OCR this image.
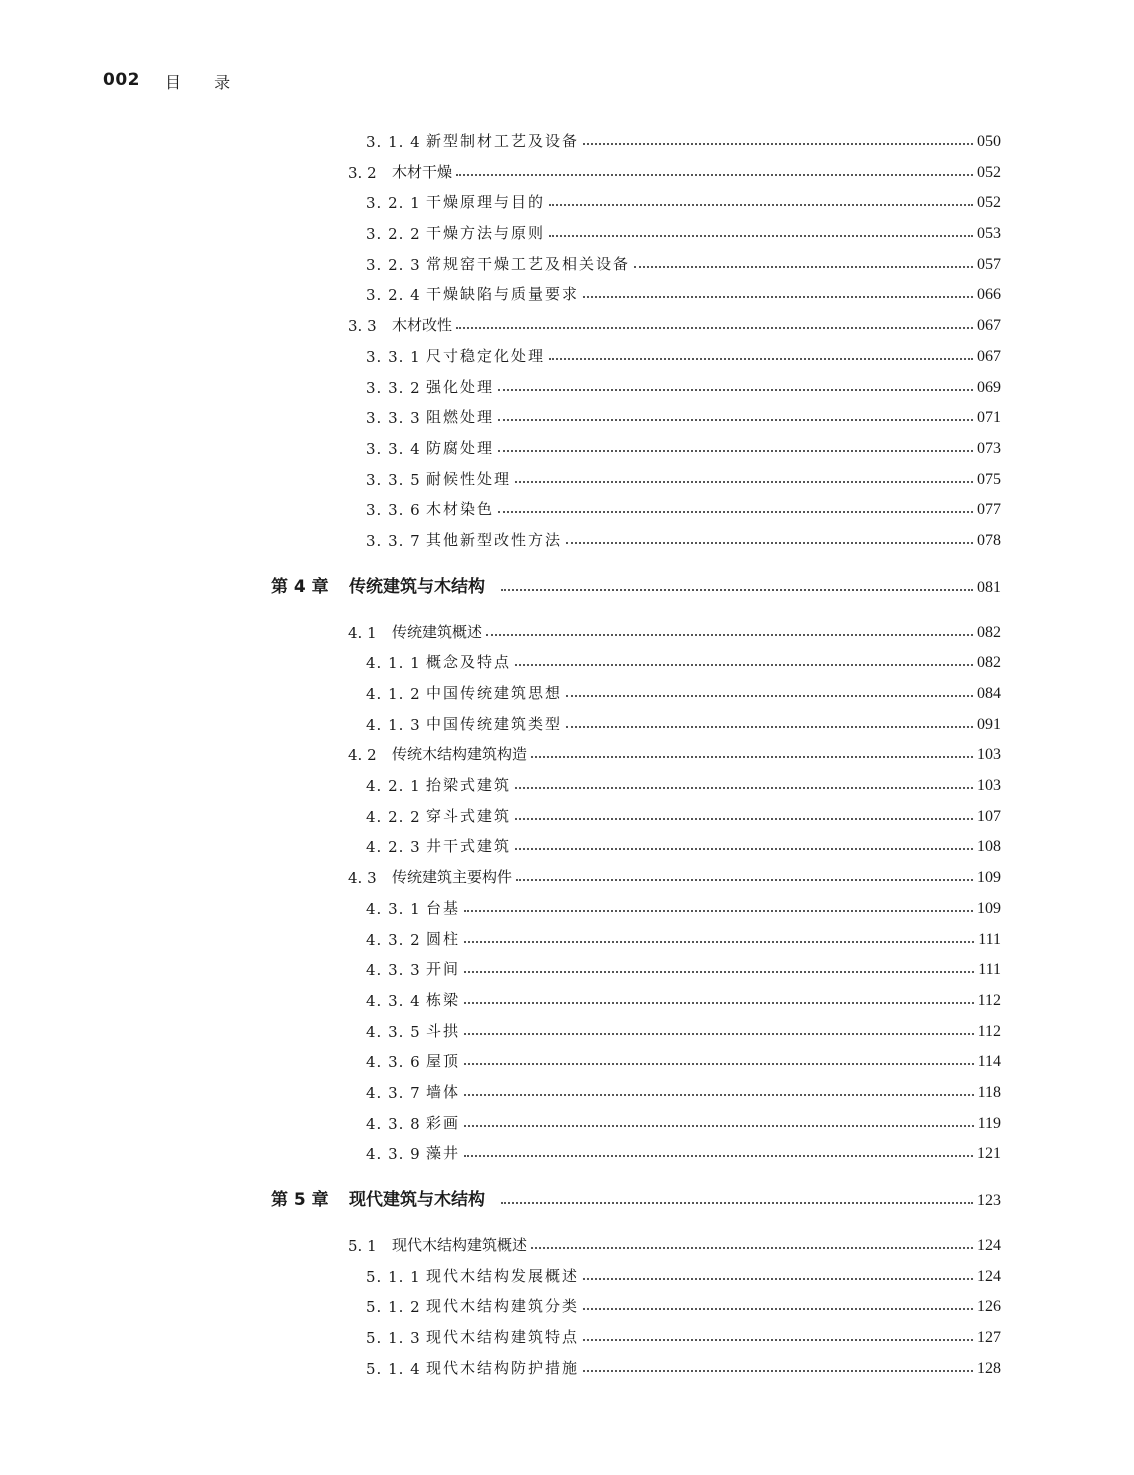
002 目 录
3. 1. 4 新型制材工艺及设备	050
3. 2	木材干燥	052
3. 2. 1 干燥原理与目的	052
3. 2. 2 干燥方法与原则	053
3. 2. 3 常规窑干燥工艺及相关设备	057
3. 2. 4 干燥缺陷与质量要求	066
3. 3	木材改性	067
3. 3. 1 尺寸稳定化处理	067
3. 3. 2 强化处理	069
3. 3. 3 阻燃处理	071
3. 3. 4 防腐处理	073
3. 3. 5 耐候性处理	075
3. 3. 6 木材染色	077
3. 3. 7 其他新型改性方法	078
第 4 章	传统建筑与木结构	081
4. 1	传统建筑概述	082
4. 1. 1 概念及特点	082
4. 1. 2 中国传统建筑思想	084
4. 1. 3 中国传统建筑类型	091
4. 2	传统木结构建筑构造	103
4. 2. 1 抬梁式建筑	103
4. 2. 2 穿斗式建筑	107
4. 2. 3 井干式建筑	108
4. 3	传统建筑主要构件	109
4. 3. 1 台基	109
4. 3. 2 圆柱	111
4. 3. 3 开间	111
4. 3. 4 栋梁	112
4. 3. 5 斗拱	112
4. 3. 6 屋顶	114
4. 3. 7 墙体	118
4. 3. 8 彩画	119
4. 3. 9 藻井	121
第 5 章	现代建筑与木结构	123
5. 1	现代木结构建筑概述	124
5. 1. 1 现代木结构发展概述	124
5. 1. 2 现代木结构建筑分类	126
5. 1. 3 现代木结构建筑特点	127
5. 1. 4 现代木结构防护措施	128
